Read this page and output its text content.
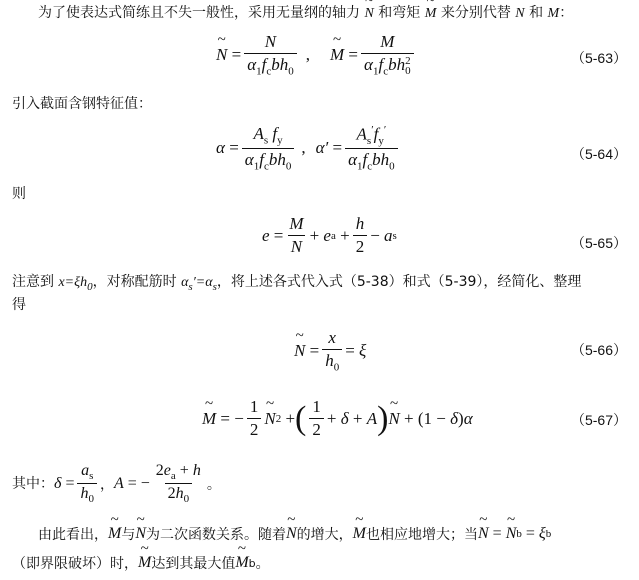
为了使表达式简练且不失一般性，采用无量纲的轴力 ~ N 和弯矩 ~ M 来分别代替 N 和 M：
~ $N = \frac{N}{\alpha_1f_cbh_0}$ , ~ M = M
$\alpha_1f_cbh$ 2
0	（5-63）
引入截面含钢特征值：
$\alpha = \frac{A_s f_y}{\alpha_1f_cbh_0}$ , $\alpha' = \frac{A_s'f_y'}{\alpha_1f_cbh_0}$	（5-64）
则
$e = \frac{M}{N} + e$ $a + \frac{h}{2} - a$ s	（5-65）
注意到 $x=\xi h_0$，对称配筋时 $\alpha_s'=\alpha_s$，将上述各式代入式（5-38）和式（5-39），经简化、整理
得
~ $N = \frac{x}{h_0} = \xi$	（5-66）
~ M = − $\frac{1}{2}$ ~ N 2 + ( $\frac{1}{2} + \delta + A$ ) ~ N + (1 − δ ) α	（5-67）
其中： $\delta = \frac{a_s}{h_0}$ ， A = − $\frac{2e_a + h}{2h_0}$ 。
由此看出， ~ M 与 ~ N 为二次函数关系。随着 ~ N 的增大， ~ M 也相应地增大；当 ~ N = ~ N b = ξ b
（即界限破坏）时， ~ M 达到其最大值 ~ M b 。
